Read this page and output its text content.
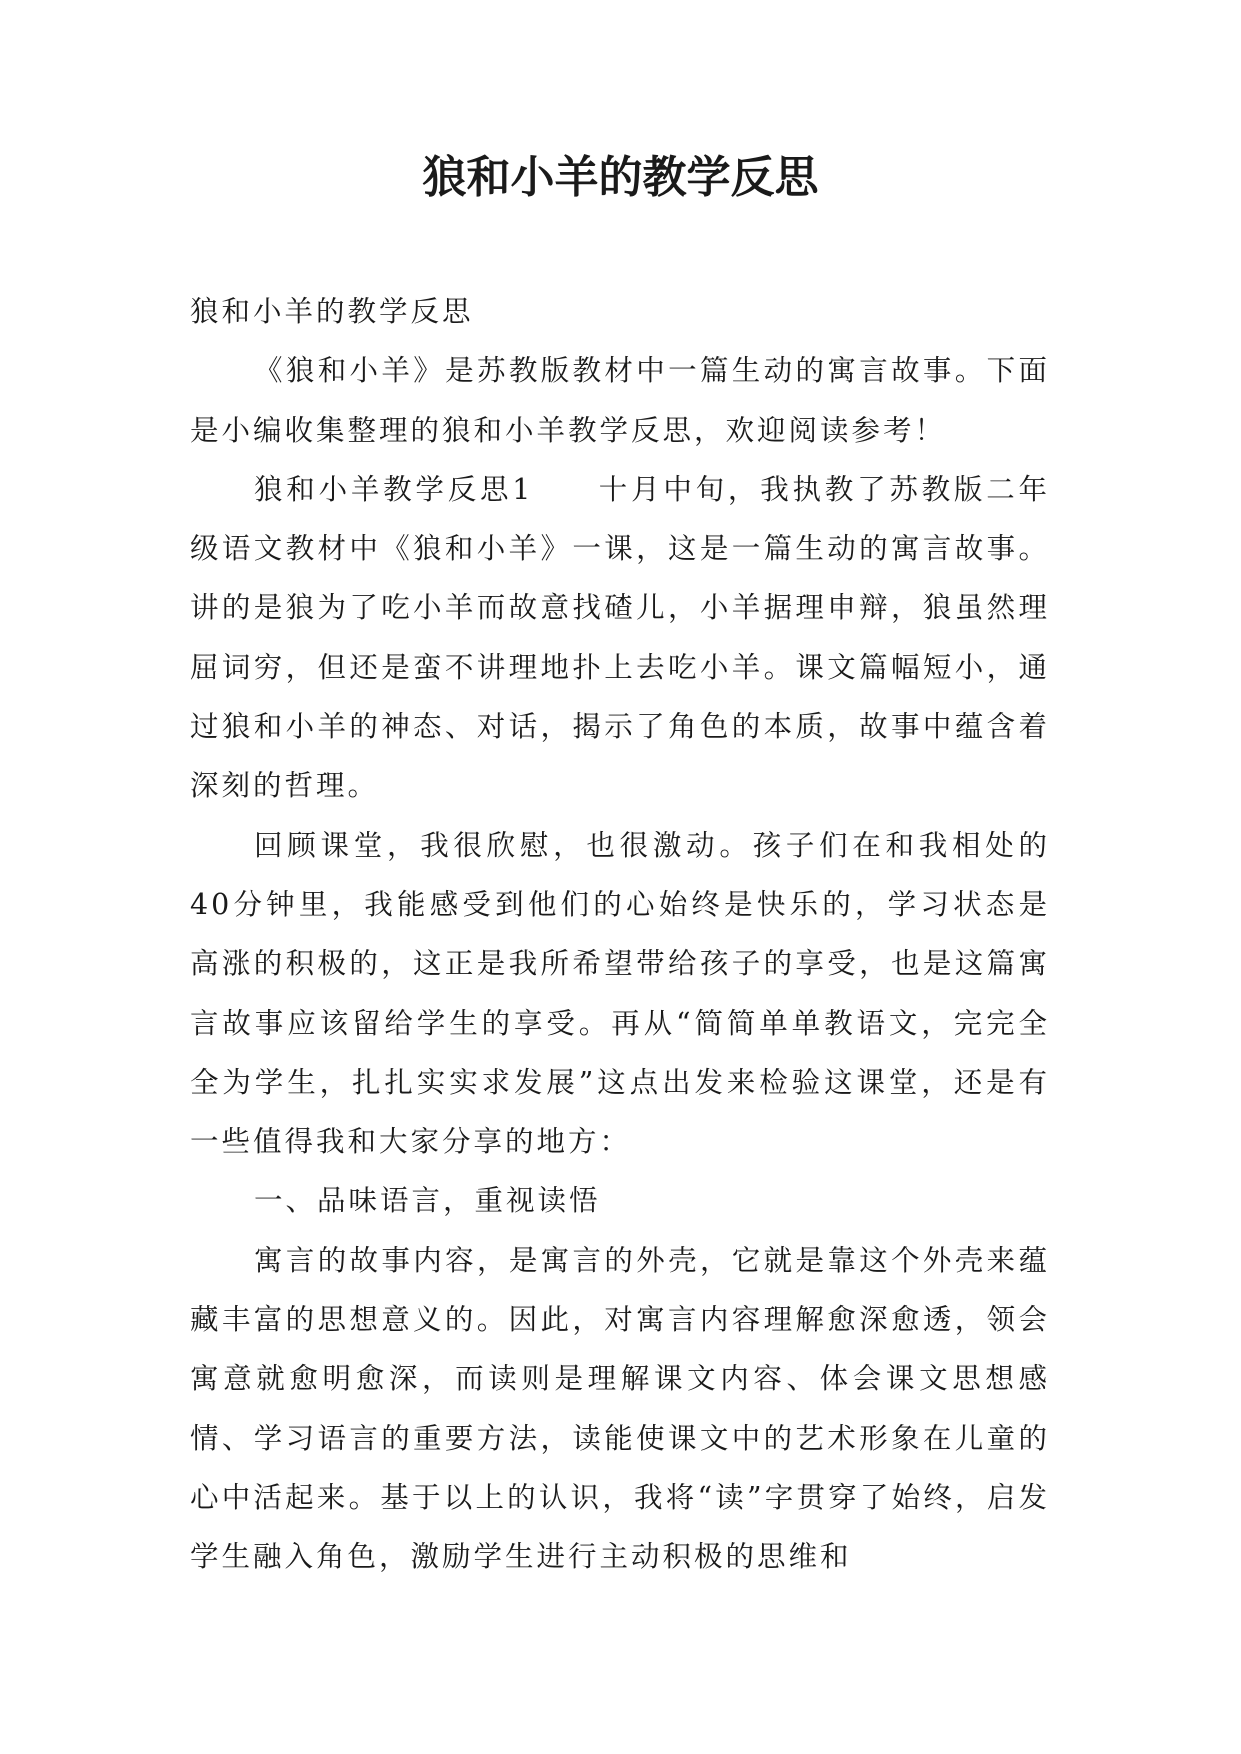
狼和小羊的教学反思

狼和小羊的教学反思

《狼和小羊》是苏教版教材中一篇生动的寓言故事。下面是小编收集整理的狼和小羊教学反思，欢迎阅读参考！

狼和小羊教学反思1　　十月中旬，我执教了苏教版二年级语文教材中《狼和小羊》一课，这是一篇生动的寓言故事。讲的是狼为了吃小羊而故意找碴儿，小羊据理申辩，狼虽然理屈词穷，但还是蛮不讲理地扑上去吃小羊。课文篇幅短小，通过狼和小羊的神态、对话，揭示了角色的本质，故事中蕴含着深刻的哲理。

回顾课堂，我很欣慰，也很激动。孩子们在和我相处的40分钟里，我能感受到他们的心始终是快乐的，学习状态是高涨的积极的，这正是我所希望带给孩子的享受，也是这篇寓言故事应该留给学生的享受。再从“简简单单教语文，完完全全为学生，扎扎实实求发展”这点出发来检验这课堂，还是有一些值得我和大家分享的地方：

一、品味语言，重视读悟

寓言的故事内容，是寓言的外壳，它就是靠这个外壳来蕴藏丰富的思想意义的。因此，对寓言内容理解愈深愈透，领会寓意就愈明愈深，而读则是理解课文内容、体会课文思想感情、学习语言的重要方法，读能使课文中的艺术形象在儿童的心中活起来。基于以上的认识，我将“读”字贯穿了始终，启发学生融入角色，激励学生进行主动积极的思维和
